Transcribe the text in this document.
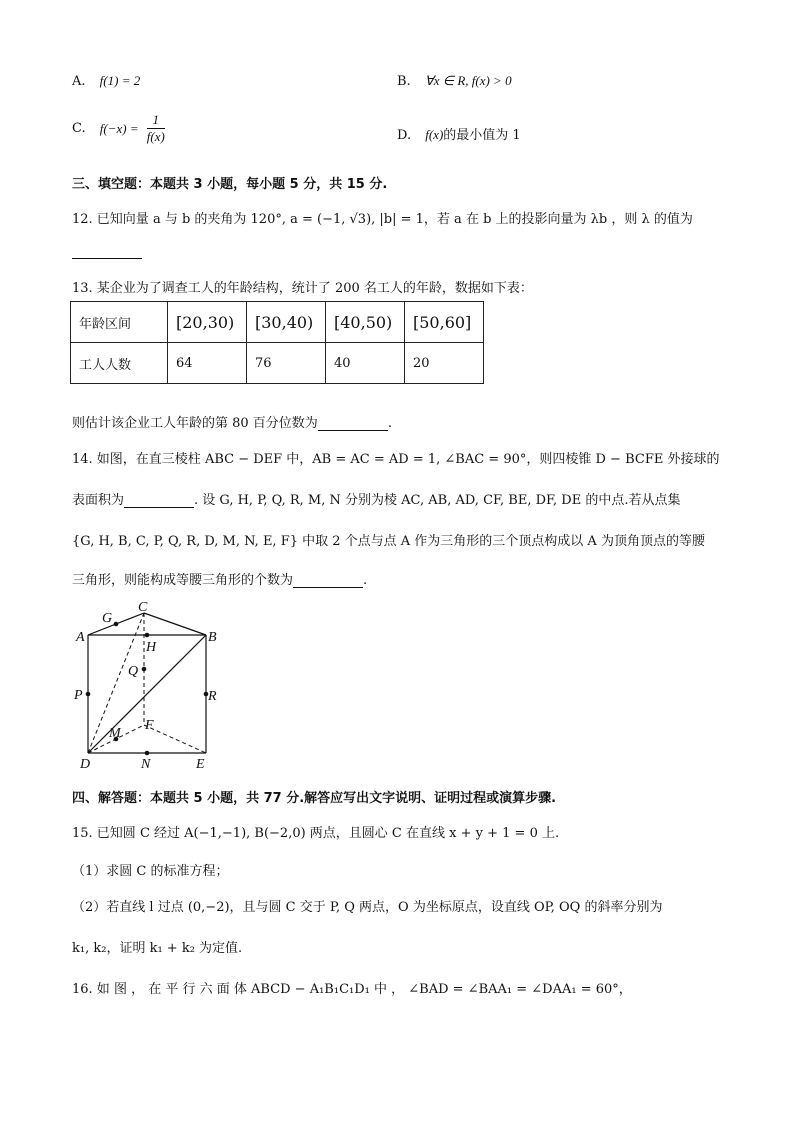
A. f(1) = 2	B. ∀x ∈ R, f(x) > 0
C. $f(-x) = \frac{1}{f(x)}$	D. f(x)的最小值为 1
三、填空题：本题共 3 小题，每小题 5 分，共 15 分.
12. 已知向量 a 与 b 的夹角为 120°, a = (−1, √3), |b| = 1，若 a 在 b 上的投影向量为 λb ，则 λ 的值为
13. 某企业为了调查工人的年龄结构，统计了 200 名工人的年龄，数据如下表：
年龄区间	[20,30)	[30,40)	[40,50)	[50,60]
工人人数	64	76	40	20
则估计该企业工人年龄的第 80 百分位数为	.
14. 如图，在直三棱柱 ABC − DEF 中，AB = AC = AD = 1, ∠BAC = 90°，则四棱锥 D − BCFE 外接球的
表面积为	. 设 G, H, P, Q, R, M, N 分别为棱 AC, AB, AD, CF, BE, DF, DE 的中点.若从点集
{G, H, B, C, P, Q, R, D, M, N, E, F} 中取 2 个点与点 A 作为三角形的三个顶点构成以 A 为顶角顶点的等腰
三角形，则能构成等腰三角形的个数为	.
C
G
A	B
H
Q
P	R
F
M
D	N	E
四、解答题：本题共 5 小题，共 77 分.解答应写出文字说明、证明过程或演算步骤.
15. 已知圆 C 经过 A(−1,−1), B(−2,0) 两点，且圆心 C 在直线 x + y + 1 = 0 上.
（1）求圆 C 的标准方程；
（2）若直线 l 过点 (0,−2)，且与圆 C 交于 P, Q 两点，O 为坐标原点，设直线 OP, OQ 的斜率分别为
k₁, k₂，证明 k₁ + k₂ 为定值.
16. 如 图 ， 在 平 行 六 面 体 ABCD − A₁B₁C₁D₁ 中 ， ∠BAD = ∠BAA₁ = ∠DAA₁ = 60°，
